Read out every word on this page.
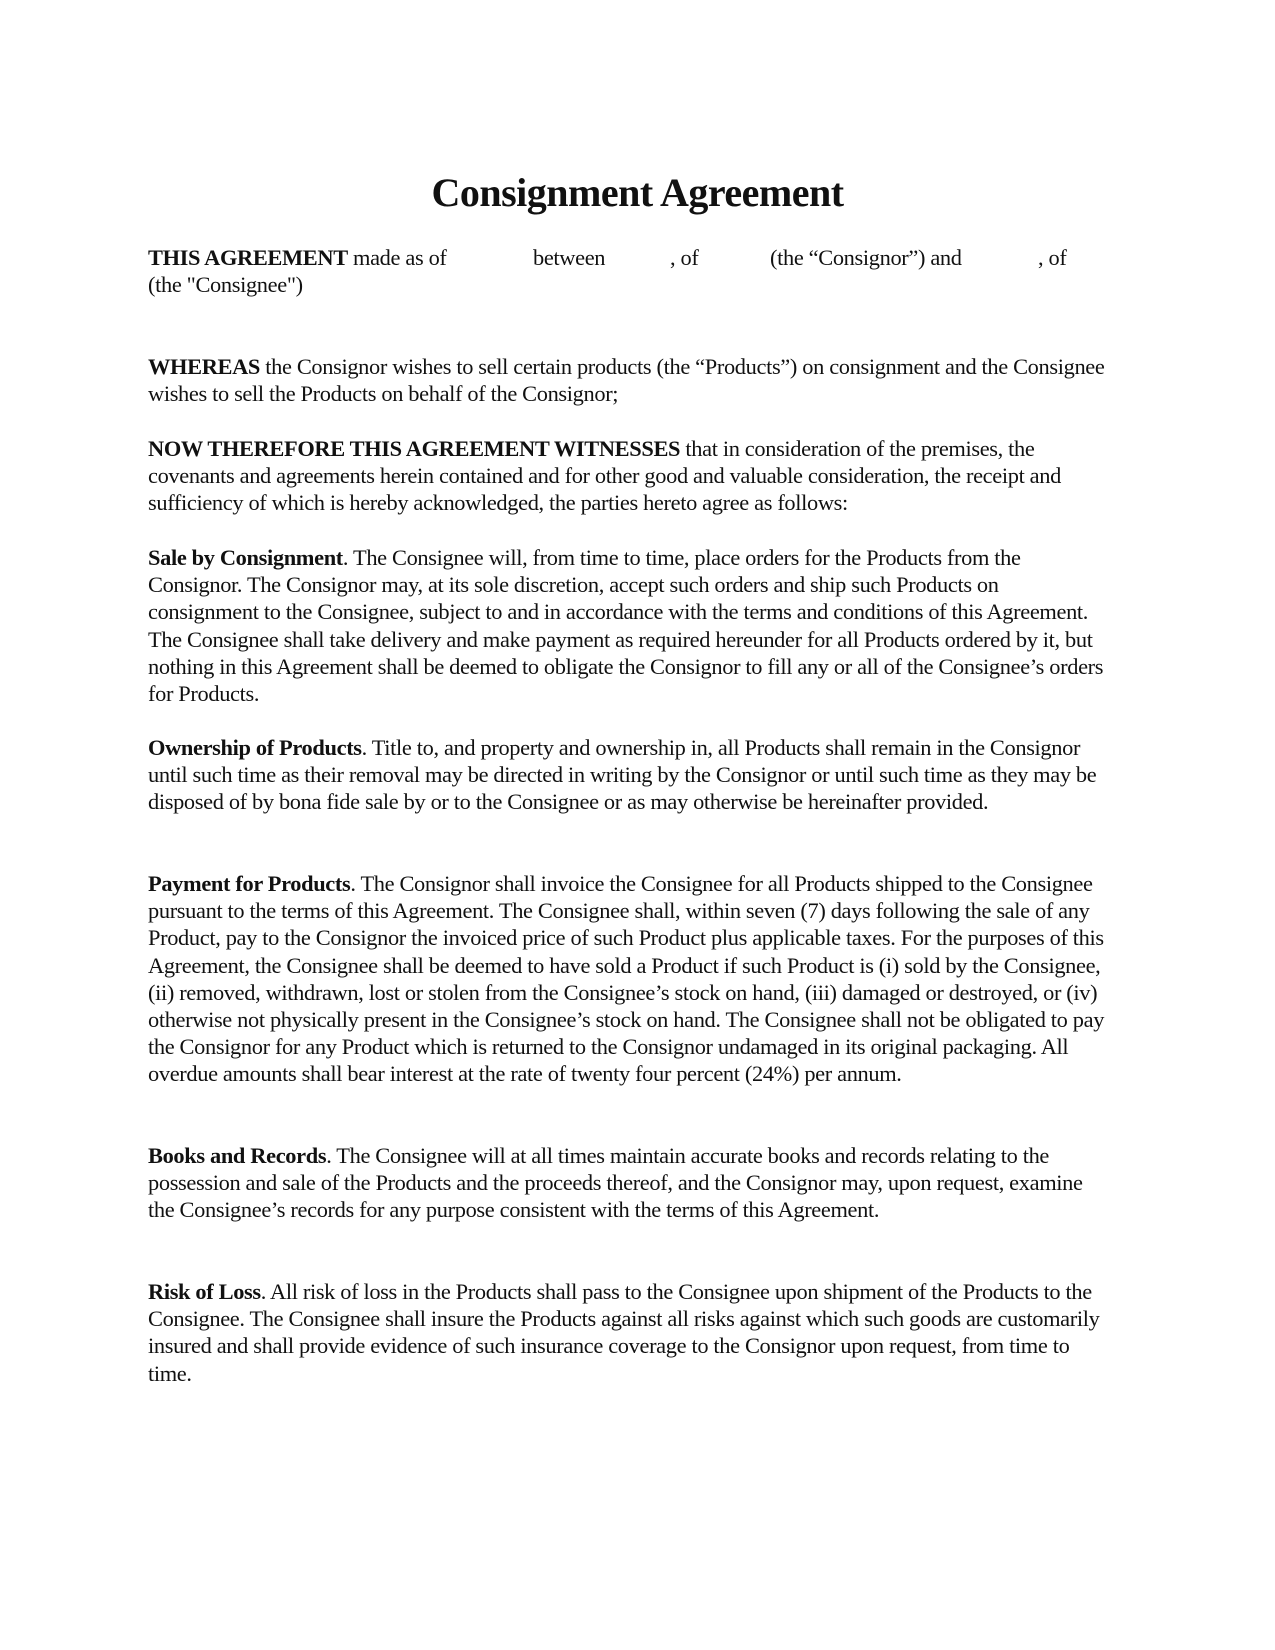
Consignment Agreement
THIS AGREEMENT made as of	between	, of	(the “Consignor”) and	, of
(the "Consignee")

WHEREAS the Consignor wishes to sell certain products (the “Products”) on consignment and the Consignee wishes to sell the Products on behalf of the Consignor;

NOW THEREFORE THIS AGREEMENT WITNESSES that in consideration of the premises, the covenants and agreements herein contained and for other good and valuable consideration, the receipt and sufficiency of which is hereby acknowledged, the parties hereto agree as follows:

Sale by Consignment. The Consignee will, from time to time, place orders for the Products from the Consignor. The Consignor may, at its sole discretion, accept such orders and ship such Products on consignment to the Consignee, subject to and in accordance with the terms and conditions of this Agreement. The Consignee shall take delivery and make payment as required hereunder for all Products ordered by it, but nothing in this Agreement shall be deemed to obligate the Consignor to fill any or all of the Consignee’s orders for Products.

Ownership of Products. Title to, and property and ownership in, all Products shall remain in the Consignor until such time as their removal may be directed in writing by the Consignor or until such time as they may be disposed of by bona fide sale by or to the Consignee or as may otherwise be hereinafter provided.

Payment for Products. The Consignor shall invoice the Consignee for all Products shipped to the Consignee pursuant to the terms of this Agreement. The Consignee shall, within seven (7) days following the sale of any Product, pay to the Consignor the invoiced price of such Product plus applicable taxes. For the purposes of this Agreement, the Consignee shall be deemed to have sold a Product if such Product is (i) sold by the Consignee, (ii) removed, withdrawn, lost or stolen from the Consignee’s stock on hand, (iii) damaged or destroyed, or (iv) otherwise not physically present in the Consignee’s stock on hand. The Consignee shall not be obligated to pay the Consignor for any Product which is returned to the Consignor undamaged in its original packaging. All overdue amounts shall bear interest at the rate of twenty four percent (24%) per annum.

Books and Records. The Consignee will at all times maintain accurate books and records relating to the possession and sale of the Products and the proceeds thereof, and the Consignor may, upon request, examine the Consignee’s records for any purpose consistent with the terms of this Agreement.

Risk of Loss. All risk of loss in the Products shall pass to the Consignee upon shipment of the Products to the Consignee. The Consignee shall insure the Products against all risks against which such goods are customarily insured and shall provide evidence of such insurance coverage to the Consignor upon request, from time to time.
